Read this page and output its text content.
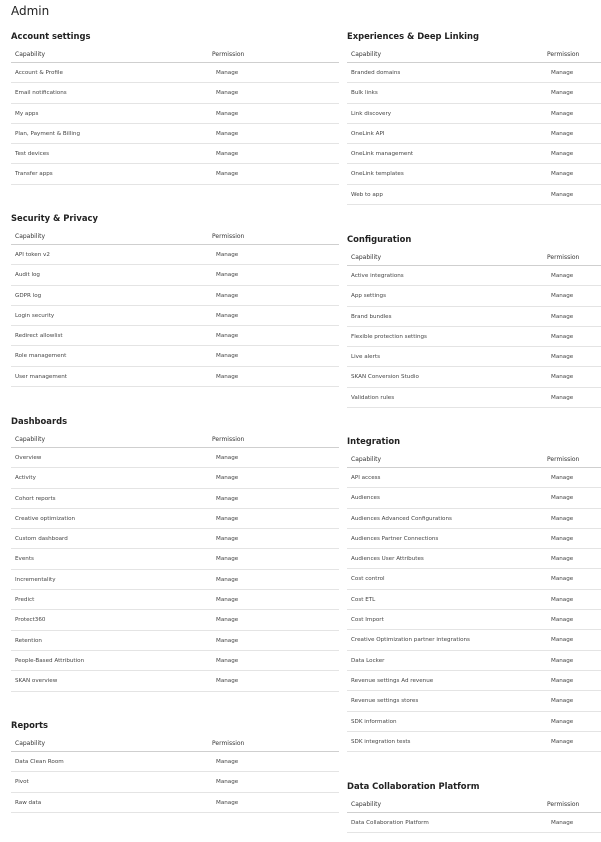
Admin
Account settings
Capability	Permission
Account & Profile	Manage
Email notifications	Manage
My apps	Manage
Plan, Payment & Billing	Manage
Test devices	Manage
Transfer apps	Manage
Security & Privacy
Capability	Permission
API token v2	Manage
Audit log	Manage
GDPR log	Manage
Login security	Manage
Redirect allowlist	Manage
Role management	Manage
User management	Manage
Dashboards
Capability	Permission
Overview	Manage
Activity	Manage
Cohort reports	Manage
Creative optimization	Manage
Custom dashboard	Manage
Events	Manage
Incrementality	Manage
Predict	Manage
Protect360	Manage
Retention	Manage
People-Based Attribution	Manage
SKAN overview	Manage
Reports
Capability	Permission
Data Clean Room	Manage
Pivot	Manage
Raw data	Manage
Experiences & Deep Linking
Capability	Permission
Branded domains	Manage
Bulk links	Manage
Link discovery	Manage
OneLink API	Manage
OneLink management	Manage
OneLink templates	Manage
Web to app	Manage
Configuration
Capability	Permission
Active integrations	Manage
App settings	Manage
Brand bundles	Manage
Flexible protection settings	Manage
Live alerts	Manage
SKAN Conversion Studio	Manage
Validation rules	Manage
Integration
Capability	Permission
API access	Manage
Audiences	Manage
Audiences Advanced Configurations	Manage
Audiences Partner Connections	Manage
Audiences User Attributes	Manage
Cost control	Manage
Cost ETL	Manage
Cost Import	Manage
Creative Optimization partner integrations	Manage
Data Locker	Manage
Revenue settings Ad revenue	Manage
Revenue settings stores	Manage
SDK information	Manage
SDK integration tests	Manage
Data Collaboration Platform
Capability	Permission
Data Collaboration Platform	Manage
